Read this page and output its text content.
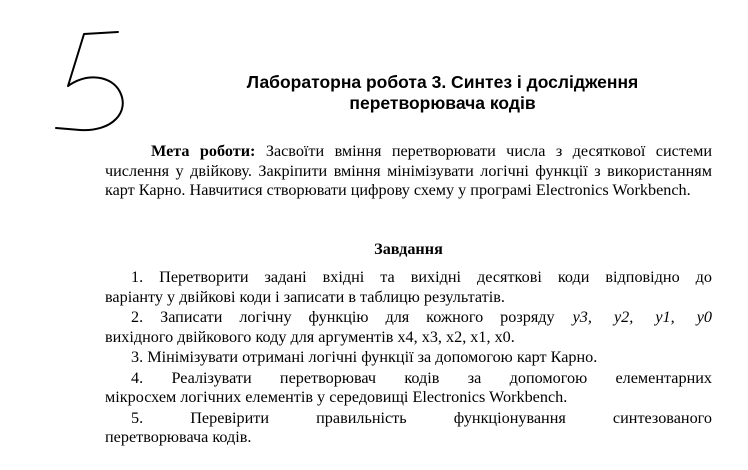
Лабораторна робота 3. Синтез і дослідження
перетворювача кодів

Мета роботи: Засвоїти вміння перетворювати числа з десяткової системи числення у двійкову. Закріпити вміння мінімізувати логічні функції з використанням карт Карно. Навчитися створювати цифрову схему у програмі Electronics Workbench.

Завдання
1. Перетворити задані вхідні та вихідні десяткові коди відповідно до
варіанту у двійкові коди і записати в таблицю результатів.
2. Записати логічну функцію для кожного розряду	y3, y2, y1, y0
вихідного двійкового коду для аргументів x4, x3, x2, x1, x0.
3. Мінімізувати отримані логічні функції за допомогою карт Карно.
4. Реалізувати перетворювач кодів за допомогою елементарних
мікросхем логічних елементів у середовищі Electronics Workbench.
5. Перевірити правильність функціонування синтезованого
перетворювача кодів.
